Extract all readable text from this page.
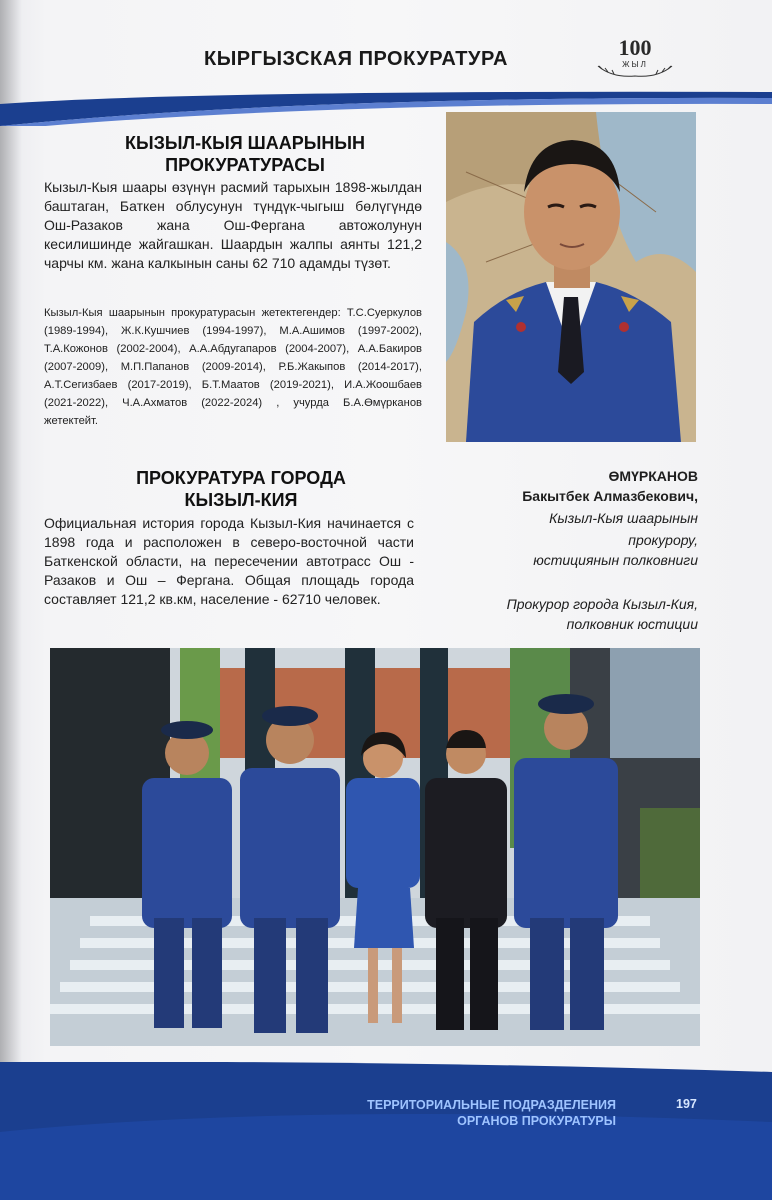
КЫРГЫЗСКАЯ ПРОКУРАТУРА	100
ЖЫЛ
КЫЗЫЛ-КЫЯ ШААРЫНЫН ПРОКУРАТУРАСЫ
Кызыл-Кыя шаары өзүнүн расмий тарыхын 1898-жылдан баштаган, Баткен облусунун түндүк-чыгыш бөлүгүндө Ош-Разаков жана Ош-Фергана автожолунун кесилишинде жайгашкан. Шаардын жалпы аянты 121,2 чарчы км. жана калкынын саны 62 710 адамды түзөт.
Кызыл-Кыя шаарынын прокуратурасын жетектегендер: Т.С.Суеркулов (1989-1994), Ж.К.Кушчиев (1994-1997), М.А.Ашимов (1997-2002), Т.А.Кожонов (2002-2004), А.А.Абдугапаров (2004-2007), А.А.Бакиров (2007-2009), М.П.Папанов (2009-2014), Р.Б.Жакыпов (2014-2017), А.Т.Сегизбаев (2017-2019), Б.Т.Маатов (2019-2021), И.А.Жоошбаев (2021-2022), Ч.А.Ахматов (2022-2024) , учурда Б.А.Өмүрканов жетектейт.
ПРОКУРАТУРА ГОРОДА КЫЗЫЛ-КИЯ
Официальная история города Кызыл-Кия начинается с 1898 года и расположен в северо-восточной части Баткенской области, на пересечении автотрасс Ош - Разаков и Ош – Фергана. Общая площадь города составляет 121,2 кв.км, население - 62710 человек.
ӨМҮРКАНОВ
Бакытбек Алмазбекович,
Кызыл-Кыя шаарынын
прокурору,
юстициянын полковниги
Прокурор города Кызыл-Кия,
полковник юстиции
ТЕРРИТОРИАЛЬНЫЕ ПОДРАЗДЕЛЕНИЯ
ОРГАНОВ ПРОКУРАТУРЫ
197
